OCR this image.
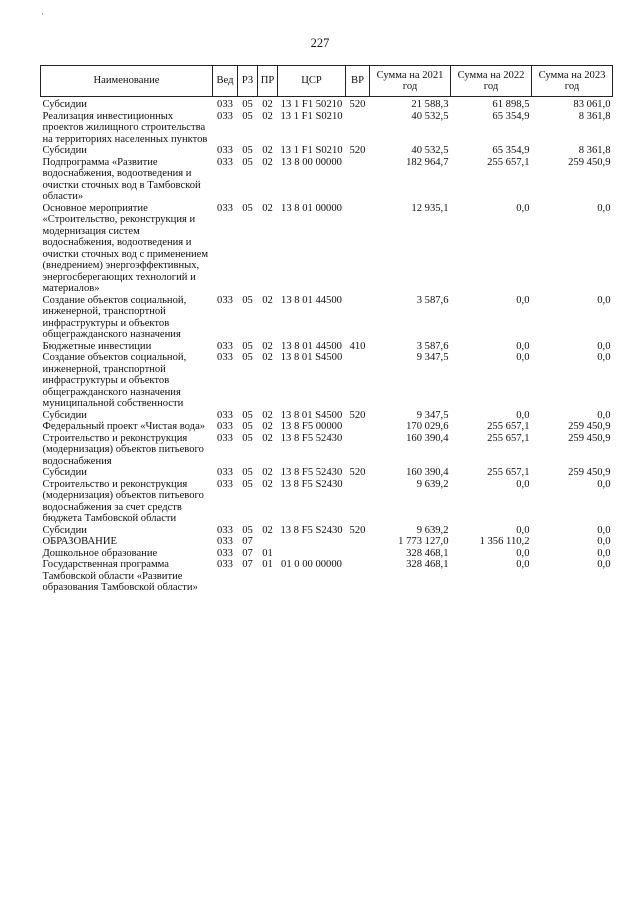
·
227
Наименование	Вед	РЗ	ПР	ЦСР	ВР	Сумма на 2021 год	Сумма на 2022 год	Сумма на 2023 год
Субсидии	033	05	02	13 1 F1 50210	520	21 588,3	61 898,5	83 061,0
Реализация инвестиционных проектов жилищного строительства на территориях населенных пунктов	033	05	02	13 1 F1 S0210		40 532,5	65 354,9	8 361,8
Субсидии	033	05	02	13 1 F1 S0210	520	40 532,5	65 354,9	8 361,8
Подпрограмма «Развитие водоснабжения, водоотведения и очистки сточных вод в Тамбовской области»	033	05	02	13 8 00 00000		182 964,7	255 657,1	259 450,9
Основное мероприятие «Строительство, реконструкция и модернизация систем водоснабжения, водоотведения и очистки сточных вод с применением (внедрением) энергоэффективных, энергосберегающих технологий и материалов»	033	05	02	13 8 01 00000		12 935,1	0,0	0,0
Создание объектов социальной, инженерной, транспортной инфраструктуры и объектов общегражданского назначения	033	05	02	13 8 01 44500		3 587,6	0,0	0,0
Бюджетные инвестиции	033	05	02	13 8 01 44500	410	3 587,6	0,0	0,0
Создание объектов социальной, инженерной, транспортной инфраструктуры и объектов общегражданского назначения муниципальной собственности	033	05	02	13 8 01 S4500		9 347,5	0,0	0,0
Субсидии	033	05	02	13 8 01 S4500	520	9 347,5	0,0	0,0
Федеральный проект «Чистая вода»	033	05	02	13 8 F5 00000		170 029,6	255 657,1	259 450,9
Строительство и реконструкция (модернизация) объектов питьевого водоснабжения	033	05	02	13 8 F5 52430		160 390,4	255 657,1	259 450,9
Субсидии	033	05	02	13 8 F5 52430	520	160 390,4	255 657,1	259 450,9
Строительство и реконструкция (модернизация) объектов питьевого водоснабжения за счет средств бюджета Тамбовской области	033	05	02	13 8 F5 S2430		9 639,2	0,0	0,0
Субсидии	033	05	02	13 8 F5 S2430	520	9 639,2	0,0	0,0
ОБРАЗОВАНИЕ	033	07				1 773 127,0	1 356 110,2	0,0
Дошкольное образование	033	07	01			328 468,1	0,0	0,0
Государственная программа Тамбовской области «Развитие образования Тамбовской области»	033	07	01	01 0 00 00000		328 468,1	0,0	0,0
